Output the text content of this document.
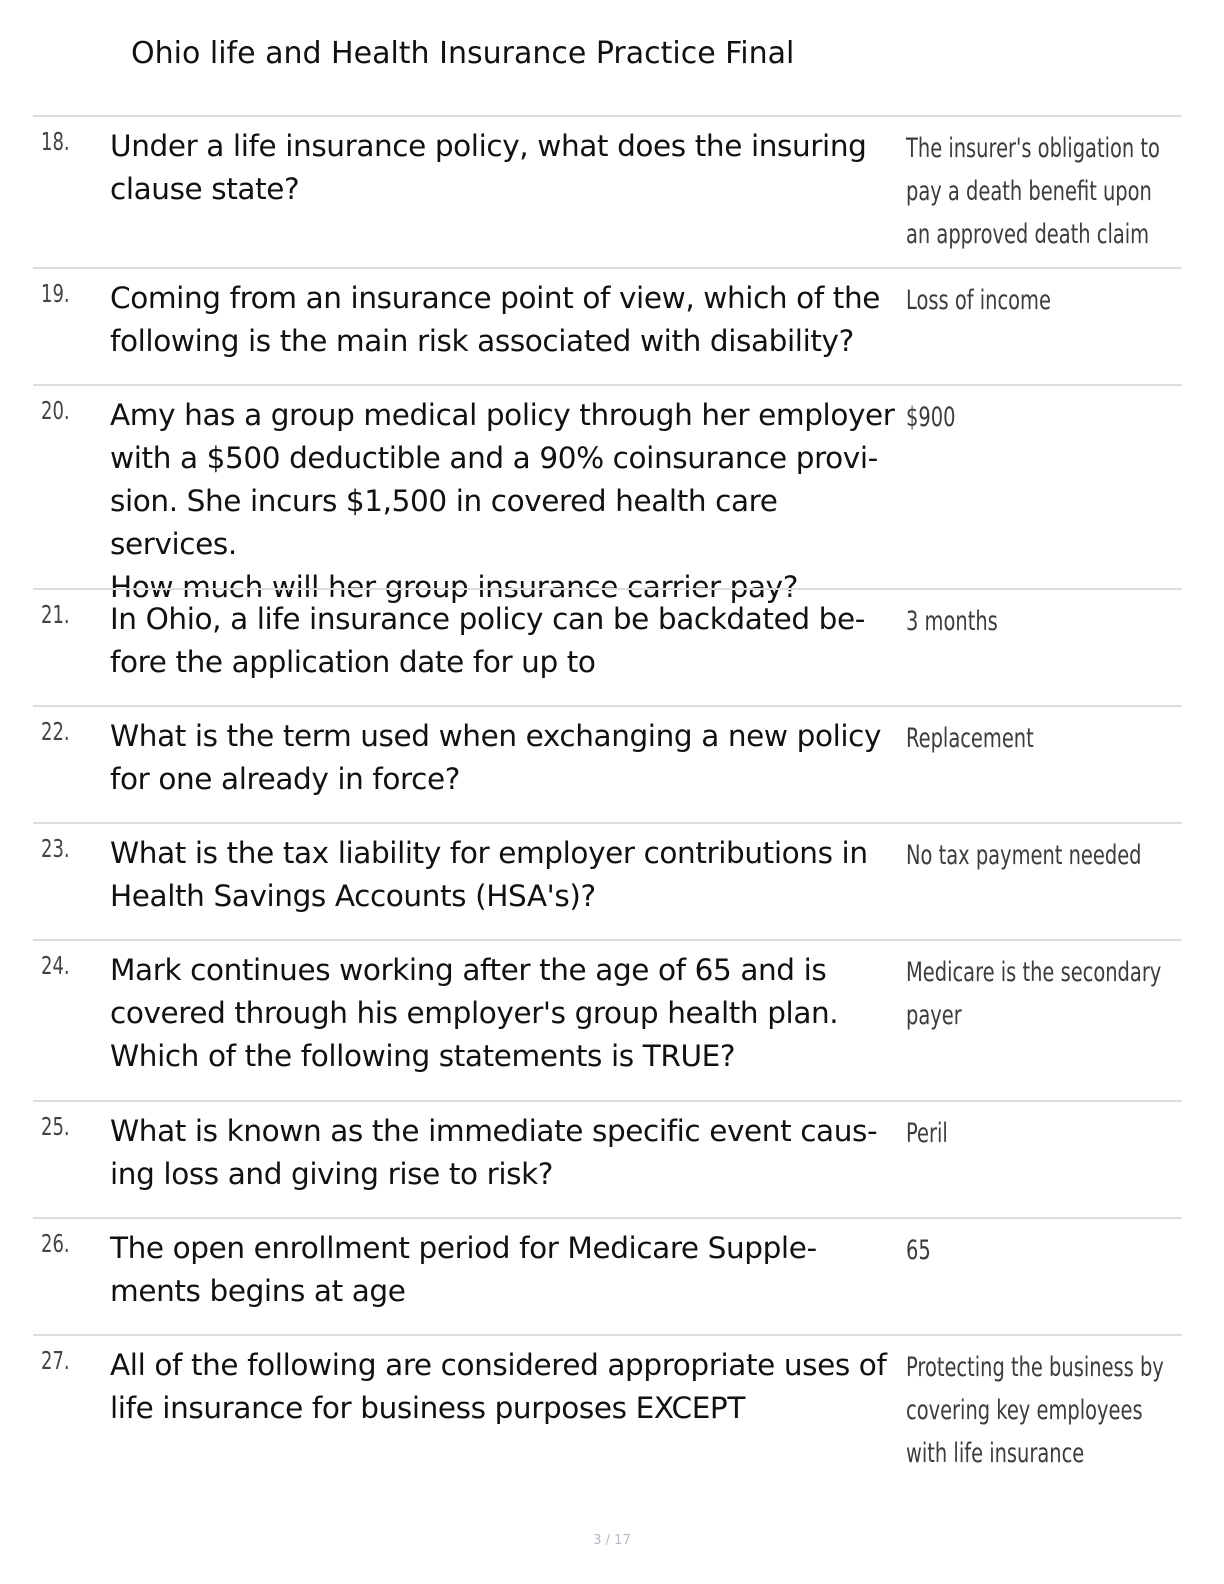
Ohio life and Health Insurance Practice Final
18. Under a life insurance policy, what does the insuring
clause state?
The insurer's obligation to
pay a death benefit upon
an approved death claim
19. Coming from an insurance point of view, which of the
following is the main risk associated with disability?
Loss of income
20. Amy has a group medical policy through her employer
with a $500 deductible and a 90% coinsurance provi-
sion. She incurs $1,500 in covered health care services.
How much will her group insurance carrier pay?
$900
21. In Ohio, a life insurance policy can be backdated be-
fore the application date for up to
3 months
22. What is the term used when exchanging a new policy
for one already in force?
Replacement
23. What is the tax liability for employer contributions in
Health Savings Accounts (HSA's)?
No tax payment needed
24. Mark continues working after the age of 65 and is
covered through his employer's group health plan.
Which of the following statements is TRUE?
Medicare is the secondary
payer
25. What is known as the immediate specific event caus-
ing loss and giving rise to risk?
Peril
26. The open enrollment period for Medicare Supple-
ments begins at age
65
27. All of the following are considered appropriate uses of
life insurance for business purposes EXCEPT
Protecting the business by
covering key employees
with life insurance
3 / 17
